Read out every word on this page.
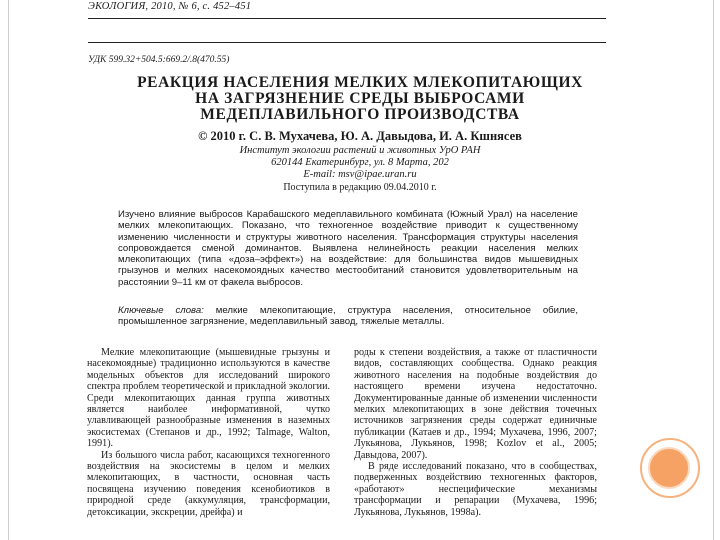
ЭКОЛОГИЯ, 2010, № 6, с. 452–451
УДК 599.32+504.5:669.2/.8(470.55)
РЕАКЦИЯ НАСЕЛЕНИЯ МЕЛКИХ МЛЕКОПИТАЮЩИХ
НА ЗАГРЯЗНЕНИЕ СРЕДЫ ВЫБРОСАМИ
МЕДЕПЛАВИЛЬНОГО ПРОИЗВОДСТВА
© 2010 г. С. В. Мухачева, Ю. А. Давыдова, И. А. Кшнясев
Институт экологии растений и животных УрО РАН
620144 Екатеринбург, ул. 8 Марта, 202
E-mail: msv@ipae.uran.ru
Поступила в редакцию 09.04.2010 г.

Изучено влияние выбросов Карабашского медеплавильного комбината (Южный Урал) на население мелких млекопитающих. Показано, что техногенное воздействие приводит к существенному изменению численности и структуры животного населения. Трансформация структуры населения сопровождается сменой доминантов. Выявлена нелинейность реакции населения мелких млекопитающих (типа «доза–эффект») на воздействие: для большинства видов мышевидных грызунов и мелких насекомоядных качество местообитаний становится удовлетворительным на расстоянии 9–11 км от факела выбросов.

Ключевые слова: мелкие млекопитающие, структура населения, относительное обилие, промышленное загрязнение, медеплавильный завод, тяжелые металлы.

Мелкие млекопитающие (мышевидные грызуны и насекомоядные) традиционно используются в качестве модельных объектов для исследований широкого спектра проблем теоретической и прикладной экологии. Среди млекопитающих данная группа животных является наиболее информативной, чутко улавливающей разнообразные изменения в наземных экосистемах (Степанов и др., 1992; Talmage, Walton, 1991).

Из большого числа работ, касающихся техногенного воздействия на экосистемы в целом и мелких млекопитающих, в частности, основная часть посвящена изучению поведения ксенобиотиков в природной среде (аккумуляция, трансформации, детоксикации, экскреции, дрейфа) и

роды к степени воздействия, а также от пластичности видов, составляющих сообщества. Однако реакция животного населения на подобные воздействия до настоящего времени изучена недостаточно. Документированные данные об изменении численности мелких млекопитающих в зоне действия точечных источников загрязнения среды содержат единичные публикации (Катаев и др., 1994; Мухачева, 1996, 2007; Лукьянова, Лукьянов, 1998; Kozlov et al., 2005; Давыдова, 2007).

В ряде исследований показано, что в сообществах, подверженных воздействию техногенных факторов, «работают» неспецифические механизмы трансформации и репарации (Мухачева, 1996; Лукьянова, Лукьянов, 1998а).
